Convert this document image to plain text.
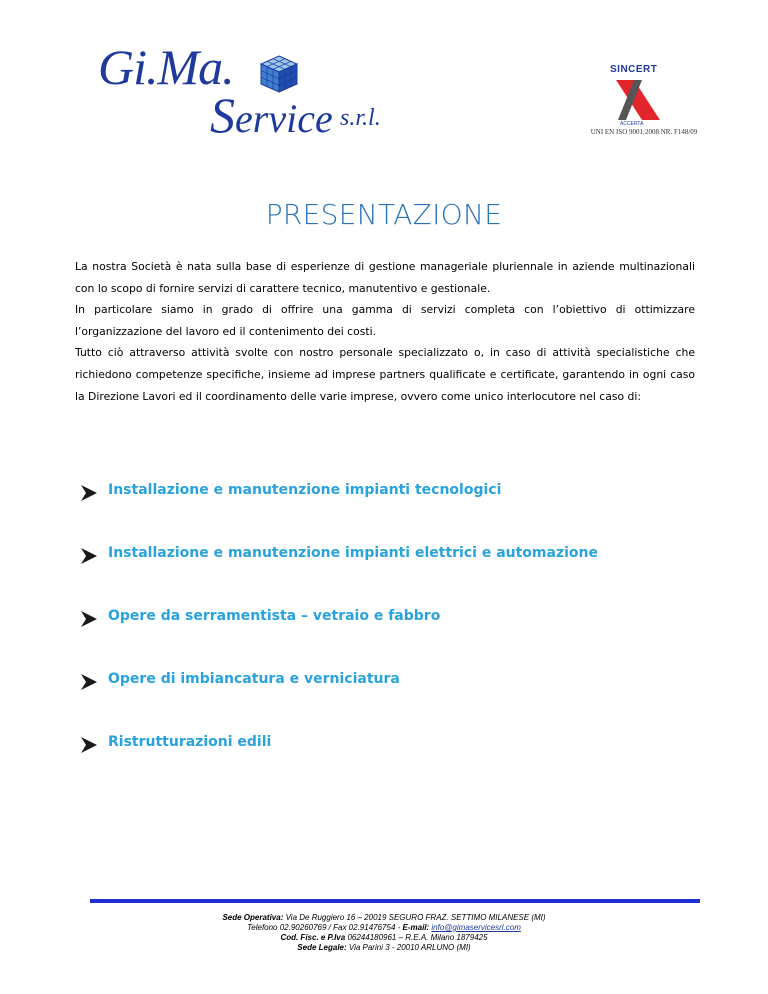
Gi.Ma.
Service s.r.l.
SINCERT
ACCERTA
UNI EN ISO 9001:2008 NR. F148/09
PRESENTAZIONE

La nostra Società è nata sulla base di esperienze di gestione manageriale pluriennale in aziende multinazionali con lo scopo di fornire servizi di carattere tecnico, manutentivo e gestionale.

In particolare siamo in grado di offrire una gamma di servizi completa con l’obiettivo di ottimizzare l’organizzazione del lavoro ed il contenimento dei costi.

Tutto ciò attraverso attività svolte con nostro personale specializzato o, in caso di attività specialistiche che richiedono competenze specifiche, insieme ad imprese partners qualificate e certificate, garantendo in ogni caso la Direzione Lavori ed il coordinamento delle varie imprese, ovvero come unico interlocutore nel caso di:

Installazione e manutenzione impianti tecnologici
Installazione e manutenzione impianti elettrici e automazione
Opere da serramentista – vetraio e fabbro
Opere di imbiancatura e verniciatura
Ristrutturazioni edili
Sede Operativa: Via De Ruggiero 16 – 20019 SEGURO FRAZ. SETTIMO MILANESE (MI)
Telefono 02.90260769 / Fax 02.91476754 - E-mail: info@gimaservicesrl.com
Cod. Fisc. e P.Iva 06244180961 – R.E.A. Milano 1879425
Sede Legale: Via Parini 3 - 20010 ARLUNO (MI)
